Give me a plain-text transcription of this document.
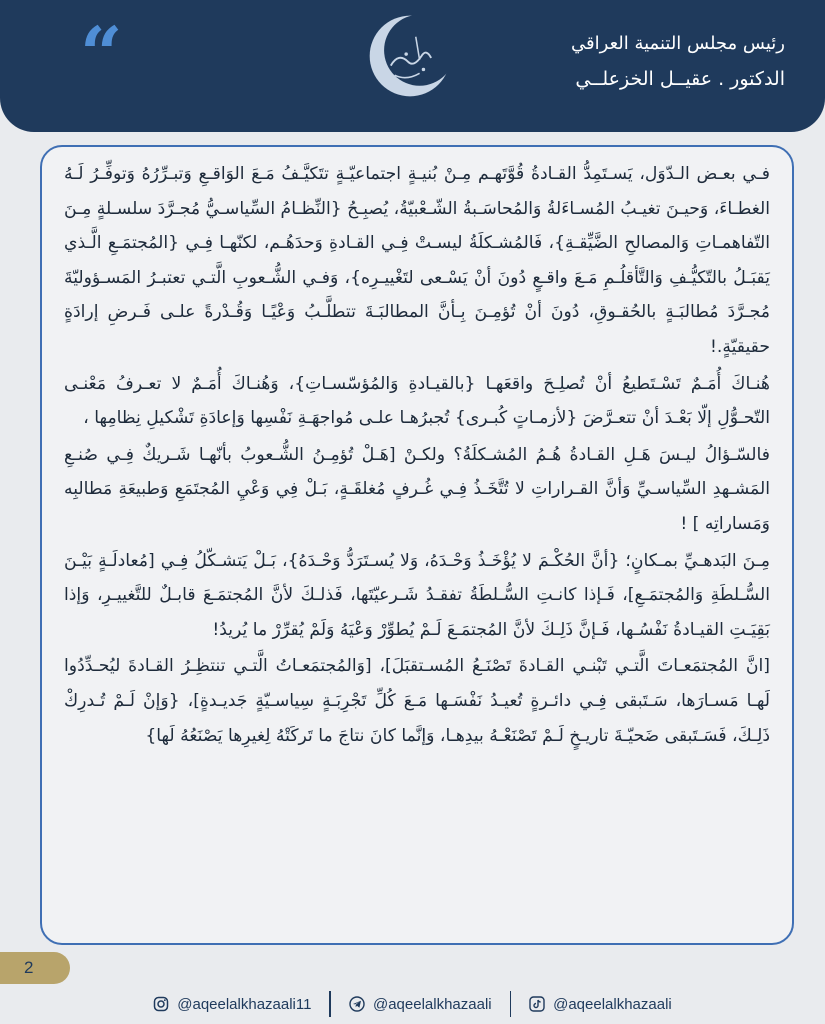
“	رئيس مجلس التنمية العراقي
الدكتور . عقيــل الخزعلــي

فـي بعـض الـدّوَل، يَسـتَمِدُّ القـادةُ قُوَّتَهـم مِـنْ بُنيـةٍ اجتماعيّـةٍ تتَكيَّـفُ مَـعَ الوَاقـعِ وَتبـرِّرُهُ وَتوفِّـرُ لَـهُ الغطـاءَ، وَحيـنَ تغيـبُ المُسـاءَلةُ وَالمُحاسَـبةُ الشّـعْبيّةُ، يُصبِـحُ {النِّظـامُ السِّياسـيُّ مُجـرَّدَ سلسـلةٍ مِـنَ التّفاهمـاتِ وَالمصالحِ الضَّيِّقـةِ}، فَالمُشـكلَةُ ليسـتْ فِـي القـادةِ وَحدَهُـم، لكنّهـا فِـي {المُجتمَـعِ الَّـذي يَقبَـلُ بالتّكيُّـفِ وَالتَّأقلُـمِ مَـعَ واقـعٍ دُونَ أنْ يَسْـعى لتَغْييـرِه}، وَفـي الشُّـعوبِ الَّتـي تعتبـرُ المَسـؤوليّةَ مُجـرَّدَ مُطالبَـةٍ بالحُقـوقِ، دُونَ أنْ تُؤمِـنَ بِـأنَّ المطالبَـةَ تتطلَّـبُ وَعْيًـا وَقُـدْرةً علـى فَـرضِ إرادَةٍ حقيقيّةٍ.!

هُنـاكَ أُمَـمٌ تَسْـتَطيعُ أنْ تُصلِـحَ واقعَهـا {بالقيـادةِ وَالمُؤسّسـاتِ}، وَهُنـاكَ أُمَـمٌ لا تعـرفُ مَعْنـى التّحـوُّلِ إلّا بَعْـدَ أنْ تتعـرَّضَ {لأزمـاتٍ كُبـرى} تُجبرُهـا علـى مُواجهَـةِ نَفْسِها وَإعادَةِ تَشْكيلِ نِظامِها ،

فالسّـؤالُ ليـسَ هَـلِ القـادةُ هُـمُ المُشـكلَةُ؟ ولكـنْ [هَـلْ تُؤمِـنُ الشُّـعوبُ بأنّهـا شَـريكٌ فِـي صُنـعِ المَشـهدِ السِّياسـيِّ وَأنَّ القـراراتِ لا تُتَّخَـذُ فِـي غُـرفٍ مُغلقَـةٍ، بَـلْ فِي وَعْيِ المُجتَمَعِ وَطبيعَةِ مَطالبِه وَمَساراتِه ] !

مِـنَ البَدهـيِّ بمـكانٍ؛ {أنَّ الحُكْـمَ لا يُؤْخَـذُ وَحْـدَهُ، وَلا يُسـتَرَدُّ وَحْـدَهُ}، بَـلْ يَتشـكّلُ فِـي [مُعادلَـةٍ بَيْـنَ السُّـلطَةِ وَالمُجتمَـعِ]، فَـإذا كانـتِ السُّـلطَةُ تفقـدُ شَـرعيّتَها، فَذلـكَ لأنَّ المُجتمَـعَ قابـلٌ للتَّغييـرِ، وَإذا بَقِيَـتِ القيـادةُ نَفْسُـها، فَـإنَّ ذَلِـكَ لأنَّ المُجتمَـعَ لَـمْ يُطوِّرْ وَعْيَهُ وَلَمْ يُقرِّرْ ما يُريدُ!

[انَّ المُجتمَعـاتَ الَّتـي تَبْنـي القـادةَ تَصْنَـعُ المُسـتقبَلَ]، [وَالمُجتمَعـاتُ الَّتـي تنتظِـرُ القـادةَ ليُحـدِّدُوا لَهـا مَسـارَها، سَـتَبقى فِـي دائـرةٍ تُعيـدُ نَفْسَـها مَـعَ كُلِّ تَجْرِبَـةٍ سِياسـيّةٍ جَديـدةٍ]، {وَإنْ لَـمْ تُـدرِكْ ذَلِـكَ، فَسَـتَبقى ضَحيّـةَ تاريـخٍ لَـمْ تَصْنَعْـهُ بيدِهـا، وَإنَّما كانَ نتاجَ ما تَركَتْهُ لِغيرِها يَصْنَعُهُ لَها}

2
@aqeelalkhazaali11	@aqeelalkhazaali	@aqeelalkhazaali
